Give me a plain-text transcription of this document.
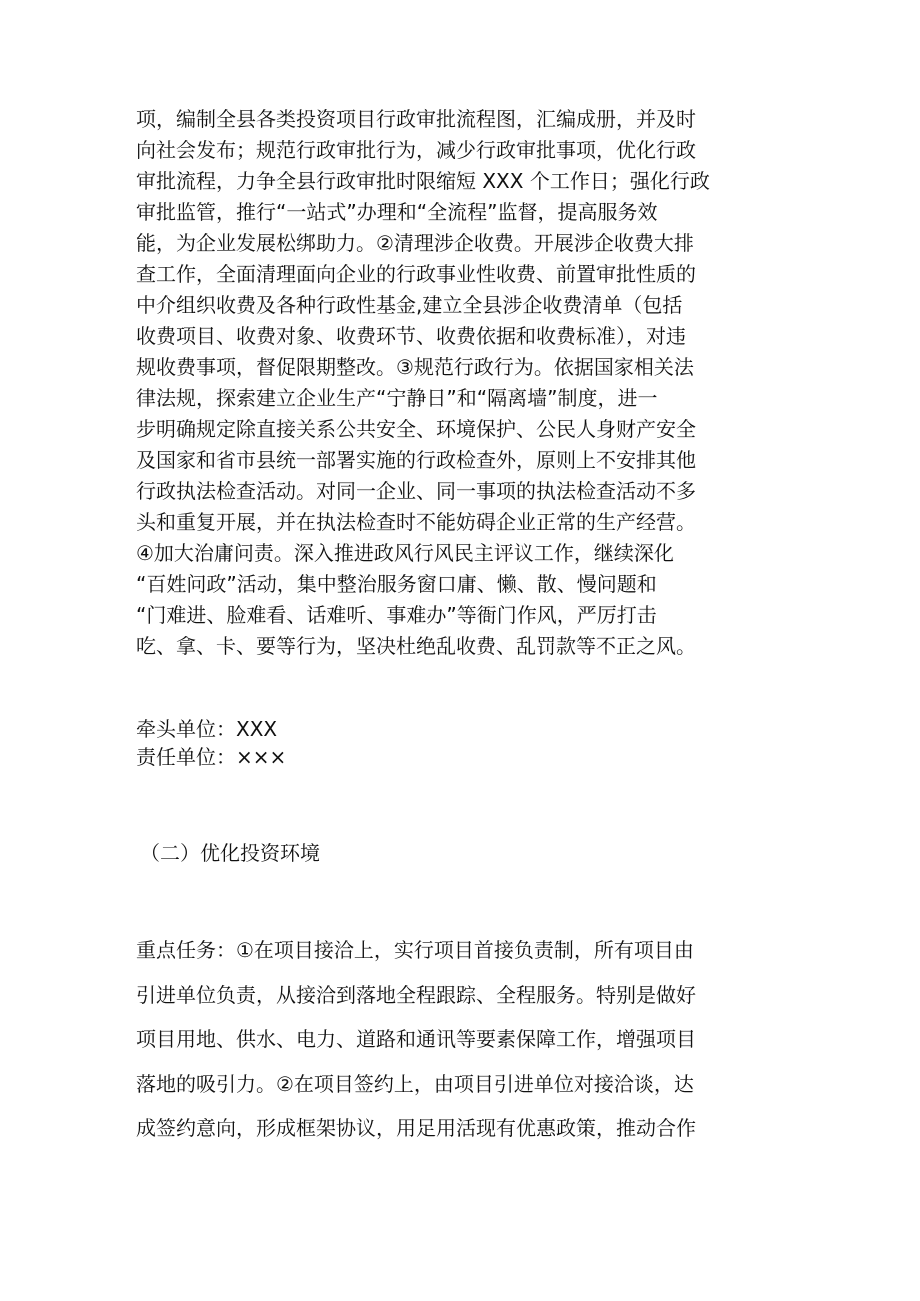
项，编制全县各类投资项目行政审批流程图，汇编成册，并及时
向社会发布；规范行政审批行为，减少行政审批事项，优化行政
审批流程，力争全县行政审批时限缩短 XXX 个工作日；强化行政
审批监管，推行“一站式”办理和“全流程”监督，提高服务效
能，为企业发展松绑助力。②清理涉企收费。开展涉企收费大排
查工作，全面清理面向企业的行政事业性收费、前置审批性质的
中介组织收费及各种行政性基金,建立全县涉企收费清单（包括
收费项目、收费对象、收费环节、收费依据和收费标准），对违
规收费事项，督促限期整改。③规范行政行为。依据国家相关法
律法规，探索建立企业生产“宁静日”和“隔离墙”制度，进一
步明确规定除直接关系公共安全、环境保护、公民人身财产安全
及国家和省市县统一部署实施的行政检查外，原则上不安排其他
行政执法检查活动。对同一企业、同一事项的执法检查活动不多
头和重复开展，并在执法检查时不能妨碍企业正常的生产经营。
④加大治庸问责。深入推进政风行风民主评议工作，继续深化
“百姓问政”活动，集中整治服务窗口庸、懒、散、慢问题和
“门难进、脸难看、话难听、事难办”等衙门作风，严厉打击
吃、拿、卡、要等行为，坚决杜绝乱收费、乱罚款等不正之风。
牵头单位：XXX
责任单位：×××
（二）优化投资环境
重点任务：①在项目接洽上，实行项目首接负责制，所有项目由
引进单位负责，从接洽到落地全程跟踪、全程服务。特别是做好
项目用地、供水、电力、道路和通讯等要素保障工作，增强项目
落地的吸引力。②在项目签约上，由项目引进单位对接洽谈，达
成签约意向，形成框架协议，用足用活现有优惠政策，推动合作
